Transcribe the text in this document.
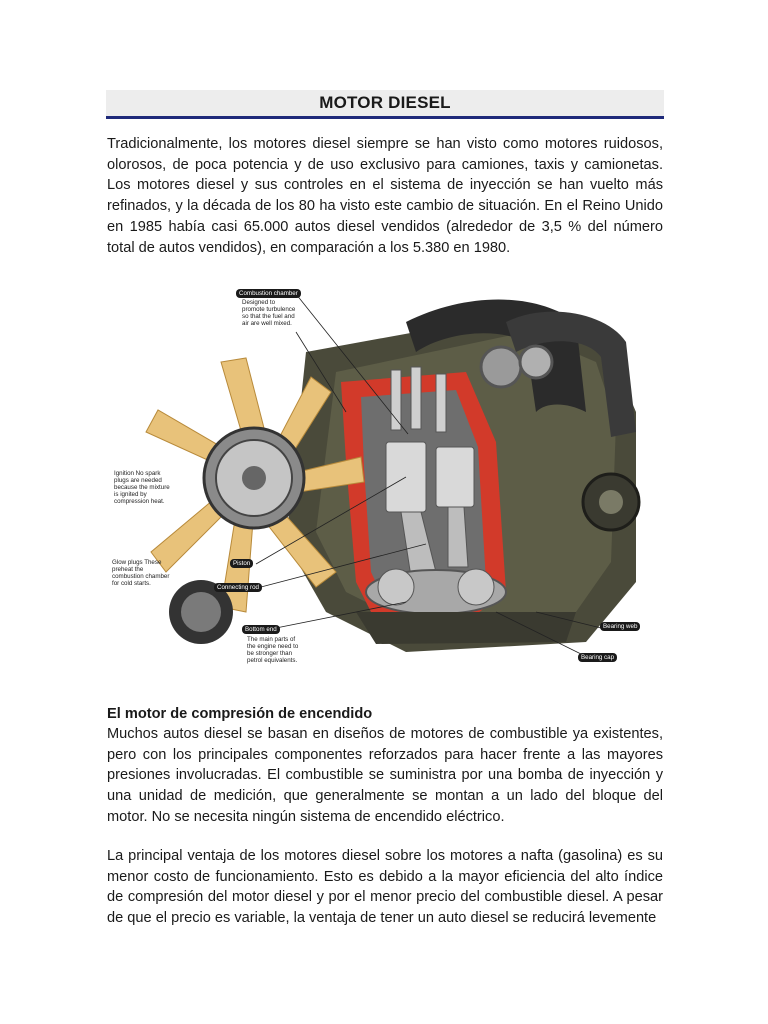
MOTOR DIESEL

Tradicionalmente, los motores diesel siempre se han visto como motores ruidosos, olorosos, de poca potencia y de uso exclusivo para camiones, taxis y camionetas. Los motores diesel y sus controles en el sistema de inyección se han vuelto más refinados, y la década de los 80 ha visto este cambio de situación. En el Reino Unido en 1985 había casi 65.000 autos diesel vendidos (alrededor de 3,5 % del número total de autos vendidos), en comparación a los 5.380 en 1980.

Combustion chamber
Designed to
promote turbulence
so that the fuel and
air are well mixed.
Ignition No spark
plugs are needed
because the mixture
is ignited by
compression heat.
Glow plugs These
preheat the
combustion chamber
for cold starts.
Piston
Connecting rod
Bottom end
The main parts of
the engine need to
be stronger than
petrol equivalents.
Bearing web
Bearing cap

El motor de compresión de encendido

Muchos autos diesel se basan en diseños de motores de combustible ya existentes, pero con los principales componentes reforzados para hacer frente a las mayores presiones involucradas. El combustible se suministra por una bomba de inyección y una unidad de medición, que generalmente se montan a un lado del bloque del motor. No se necesita ningún sistema de encendido eléctrico.

La principal ventaja de los motores diesel sobre los motores a nafta (gasolina) es su menor costo de funcionamiento. Esto es debido a la mayor eficiencia del alto índice de compresión del motor diesel y por el menor precio del combustible diesel. A pesar de que el precio es variable, la ventaja de tener un auto diesel se reducirá levemente
